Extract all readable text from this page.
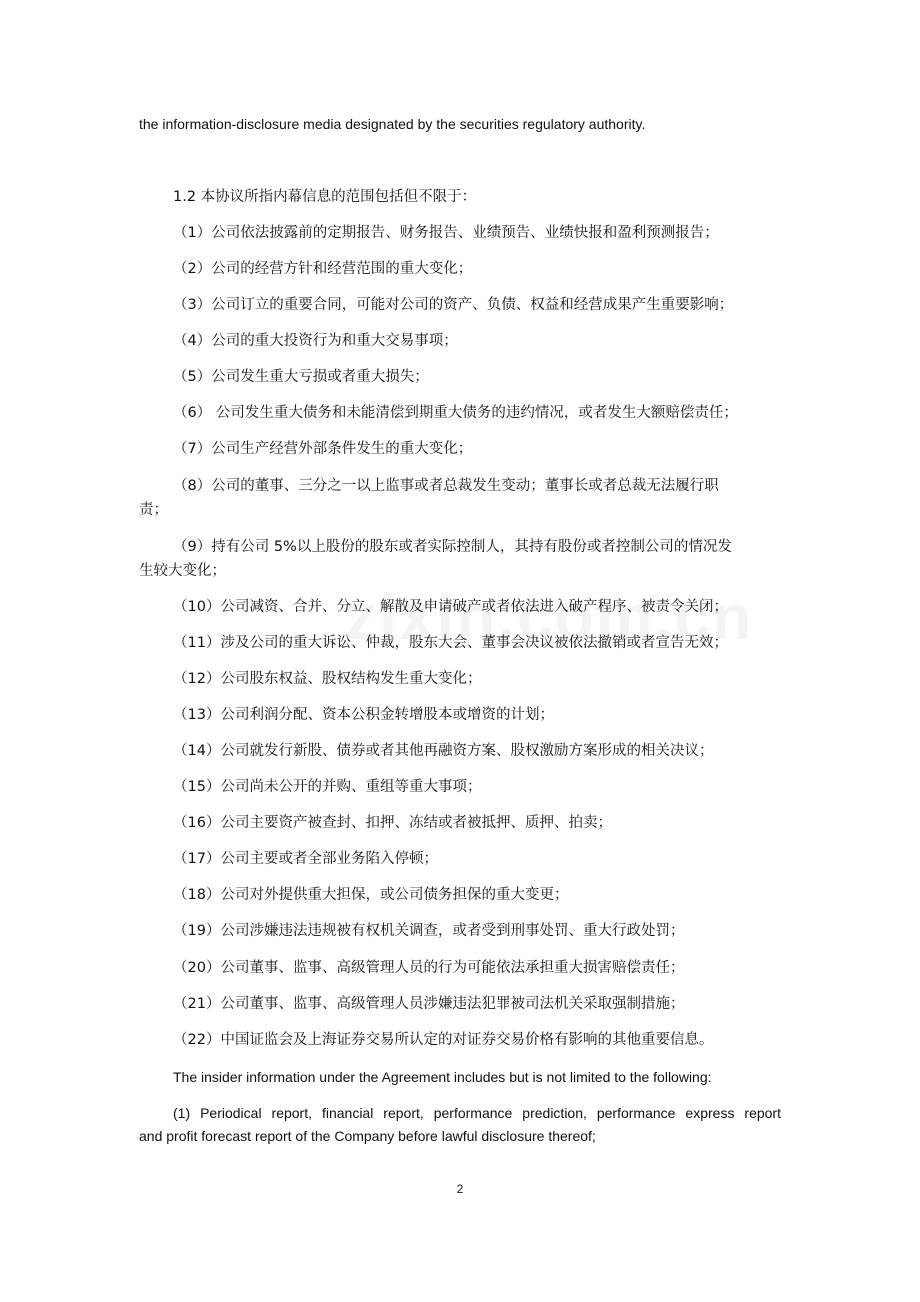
the information-disclosure media designated by the securities regulatory authority.

1.2 本协议所指内幕信息的范围包括但不限于：

（1）公司依法披露前的定期报告、财务报告、业绩预告、业绩快报和盈利预测报告；

（2）公司的经营方针和经营范围的重大变化；

（3）公司订立的重要合同，可能对公司的资产、负债、权益和经营成果产生重要影响；

（4）公司的重大投资行为和重大交易事项；

（5）公司发生重大亏损或者重大损失；

（6） 公司发生重大债务和未能清偿到期重大债务的违约情况，或者发生大额赔偿责任；

（7）公司生产经营外部条件发生的重大变化；

（8）公司的董事、三分之一以上监事或者总裁发生变动；董事长或者总裁无法履行职

责；

（9）持有公司 5%以上股份的股东或者实际控制人，其持有股份或者控制公司的情况发

生较大变化；

（10）公司减资、合并、分立、解散及申请破产或者依法进入破产程序、被责令关闭；

（11）涉及公司的重大诉讼、仲裁，股东大会、董事会决议被依法撤销或者宣告无效；

（12）公司股东权益、股权结构发生重大变化；

（13）公司利润分配、资本公积金转增股本或增资的计划；

（14）公司就发行新股、债券或者其他再融资方案、股权激励方案形成的相关决议；

（15）公司尚未公开的并购、重组等重大事项；

（16）公司主要资产被查封、扣押、冻结或者被抵押、质押、拍卖；

（17）公司主要或者全部业务陷入停顿；

（18）公司对外提供重大担保，或公司债务担保的重大变更；

（19）公司涉嫌违法违规被有权机关调查，或者受到刑事处罚、重大行政处罚；

（20）公司董事、监事、高级管理人员的行为可能依法承担重大损害赔偿责任；

（21）公司董事、监事、高级管理人员涉嫌违法犯罪被司法机关采取强制措施；

（22）中国证监会及上海证券交易所认定的对证券交易价格有影响的其他重要信息。

The insider information under the Agreement includes but is not limited to the following:

(1) Periodical report, financial report, performance prediction, performance express report

and profit forecast report of the Company before lawful disclosure thereof;

2
